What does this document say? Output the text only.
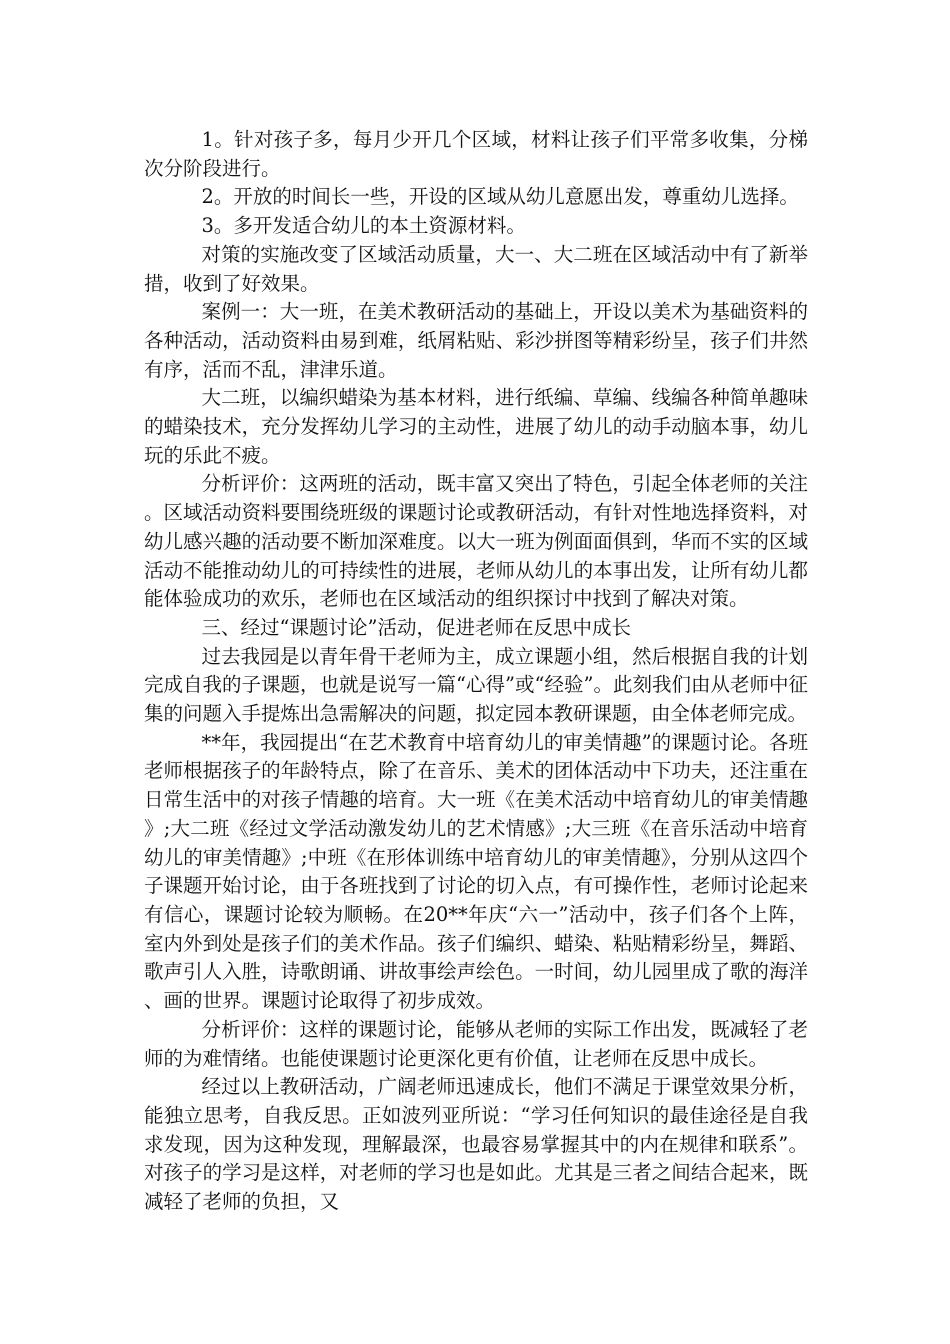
1。针对孩子多，每月少开几个区域，材料让孩子们平常多收集，分梯次分阶段进行。

2。开放的时间长一些，开设的区域从幼儿意愿出发，尊重幼儿选择。

3。多开发适合幼儿的本土资源材料。

对策的实施改变了区域活动质量，大一、大二班在区域活动中有了新举措，收到了好效果。

案例一：大一班，在美术教研活动的基础上，开设以美术为基础资料的各种活动，活动资料由易到难，纸屑粘贴、彩沙拼图等精彩纷呈，孩子们井然有序，活而不乱，津津乐道。

大二班，以编织蜡染为基本材料，进行纸编、草编、线编各种简单趣味的蜡染技术，充分发挥幼儿学习的主动性，进展了幼儿的动手动脑本事，幼儿玩的乐此不疲。

分析评价：这两班的活动，既丰富又突出了特色，引起全体老师的关注。区域活动资料要围绕班级的课题讨论或教研活动，有针对性地选择资料，对幼儿感兴趣的活动要不断加深难度。以大一班为例面面俱到，华而不实的区域活动不能推动幼儿的可持续性的进展，老师从幼儿的本事出发，让所有幼儿都能体验成功的欢乐，老师也在区域活动的组织探讨中找到了解决对策。

三、经过“课题讨论”活动，促进老师在反思中成长

过去我园是以青年骨干老师为主，成立课题小组，然后根据自我的计划完成自我的子课题，也就是说写一篇“心得”或“经验”。此刻我们由从老师中征集的问题入手提炼出急需解决的问题，拟定园本教研课题，由全体老师完成。

**年，我园提出“在艺术教育中培育幼儿的审美情趣”的课题讨论。各班老师根据孩子的年龄特点，除了在音乐、美术的团体活动中下功夫，还注重在日常生活中的对孩子情趣的培育。大一班《在美术活动中培育幼儿的审美情趣》;大二班《经过文学活动激发幼儿的艺术情感》;大三班《在音乐活动中培育幼儿的审美情趣》;中班《在形体训练中培育幼儿的审美情趣》，分别从这四个子课题开始讨论，由于各班找到了讨论的切入点，有可操作性，老师讨论起来有信心，课题讨论较为顺畅。在20**年庆“六一”活动中，孩子们各个上阵，室内外到处是孩子们的美术作品。孩子们编织、蜡染、粘贴精彩纷呈，舞蹈、歌声引人入胜，诗歌朗诵、讲故事绘声绘色。一时间，幼儿园里成了歌的海洋、画的世界。课题讨论取得了初步成效。

分析评价：这样的课题讨论，能够从老师的实际工作出发，既减轻了老师的为难情绪。也能使课题讨论更深化更有价值，让老师在反思中成长。

经过以上教研活动，广阔老师迅速成长，他们不满足于课堂效果分析，能独立思考，自我反思。正如波列亚所说：“学习任何知识的最佳途径是自我求发现，因为这种发现，理解最深，也最容易掌握其中的内在规律和联系”。对孩子的学习是这样，对老师的学习也是如此。尤其是三者之间结合起来，既减轻了老师的负担，又
